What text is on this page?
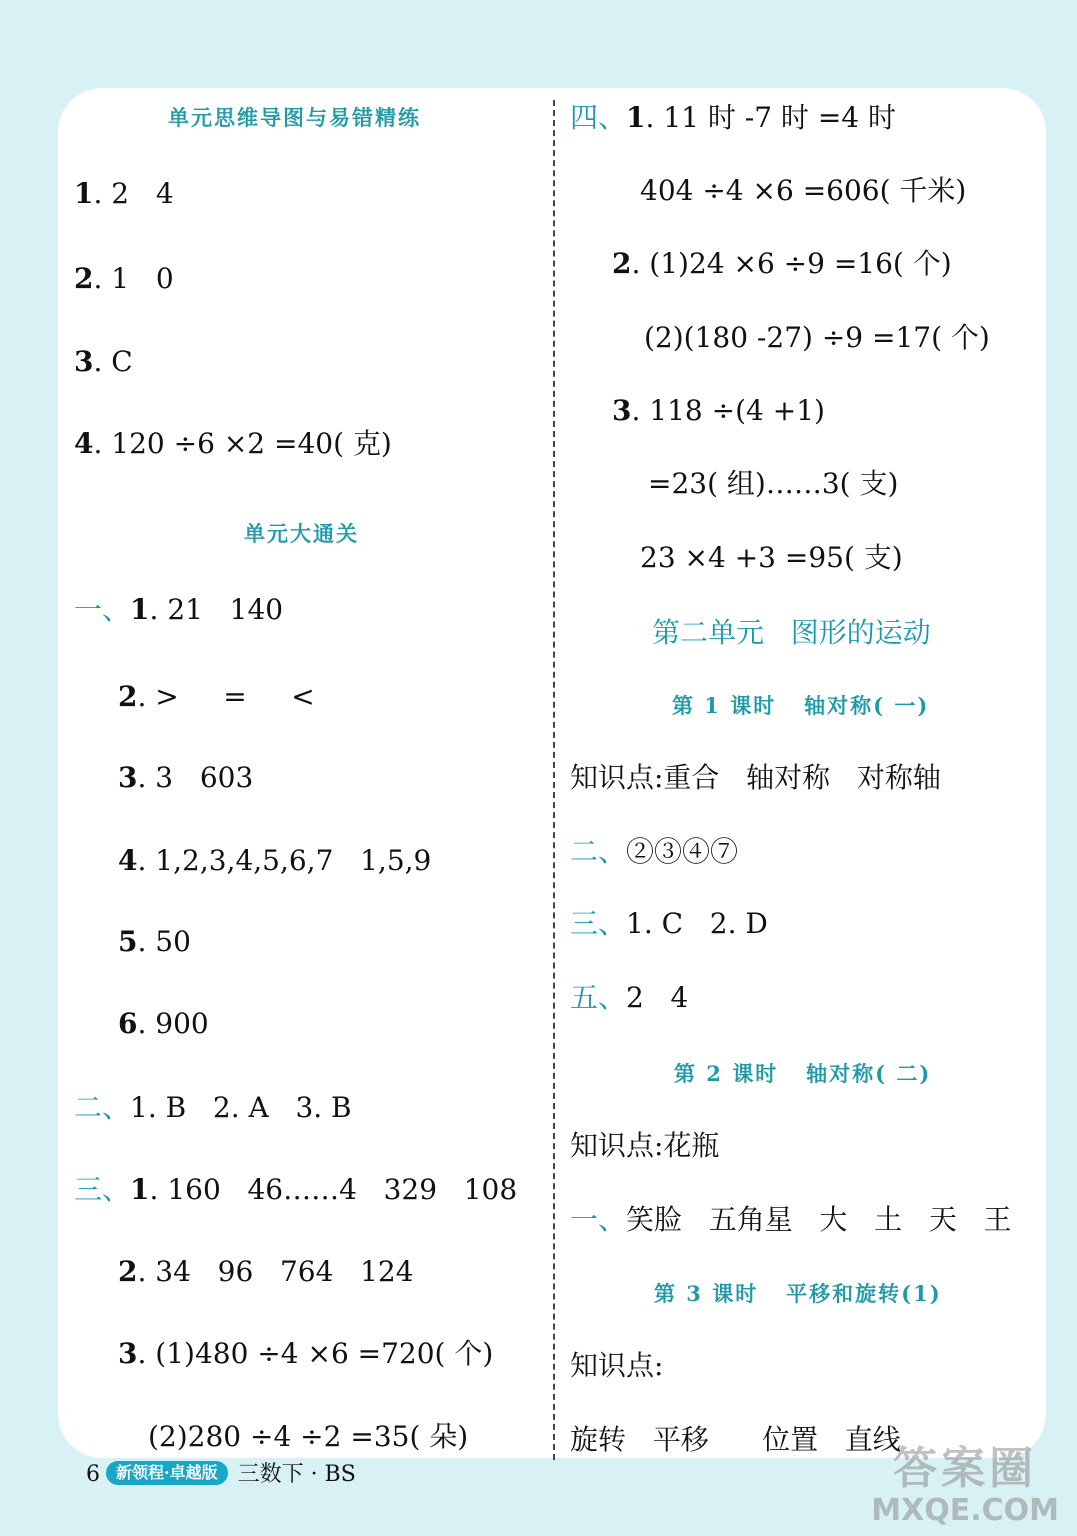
单元思维导图与易错精练
1. 2   4
2. 1   0
3. C
4. 120 ÷6 ×2 =40( 克)
单元大通关
一、1. 21   140
2. >     =     <
3. 3   603
4. 1,2,3,4,5,6,7   1,5,9
5. 50
6. 900
二、1. B   2. A   3. B
三、1. 160   46……4   329   108
2. 34   96   764   124
3. (1)480 ÷4 ×6 =720( 个)
(2)280 ÷4 ÷2 =35( 朵)
四、1. 11 时 -7 时 =4 时
404 ÷4 ×6 =606( 千米)
2. (1)24 ×6 ÷9 =16( 个)
(2)(180 -27) ÷9 =17( 个)
3. 118 ÷(4 +1)
=23( 组)……3( 支)
23 ×4 +3 =95( 支)
第二单元   图形的运动
第 1 课时   轴对称( 一)
知识点:重合   轴对称   对称轴
二、②③④⑦
三、1. C   2. D
五、2   4
第 2 课时   轴对称( 二)
知识点:花瓶
一、笑脸   五角星   大   土   天   王
第 3 课时   平移和旋转(1)
知识点:
旋转   平移      位置   直线
6 新领程·卓越版 三数下 · BS	答案圈
MXQE.COM
